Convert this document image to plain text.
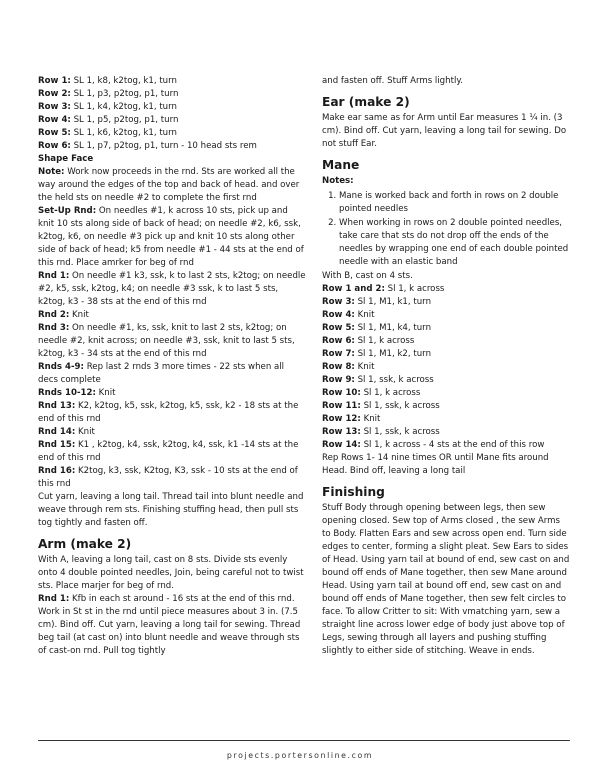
Row 1: SL 1, k8, k2tog, k1, turn
Row 2: SL 1, p3, p2tog, p1, turn
Row 3: SL 1, k4, k2tog, k1, turn
Row 4: SL 1, p5, p2tog, p1, turn
Row 5: SL 1, k6, k2tog, k1, turn
Row 6: SL 1, p7, p2tog, p1, turn - 10 head sts rem
Shape Face
Note: Work now proceeds in the rnd. Sts are worked all the way around the edges of the top and back of head. and over the held sts on needle #2 to complete the first rnd
Set-Up Rnd: On needles #1, k across 10 sts, pick up and knit 10 sts along side of back of head; on needle #2, k6, ssk, k2tog, k6, on needle #3 pick up and knit 10 sts along other side of back of head; k5 from needle #1 - 44 sts at the end of this rnd. Place amrker for beg of rnd
Rnd 1: On needle #1 k3, ssk, k to last 2 sts, k2tog; on needle #2, k5, ssk, k2tog, k4; on needle #3 ssk, k to last 5 sts, k2tog, k3 - 38 sts at the end of this rnd
Rnd 2: Knit
Rnd 3: On needle #1, ks, ssk, knit to last 2 sts, k2tog; on needle #2, knit across; on needle #3, ssk, knit to last 5 sts, k2tog, k3 - 34 sts at the end of this rnd
Rnds 4-9: Rep last 2 rnds 3 more times - 22 sts when all decs complete
Rnds 10-12: Knit
Rnd 13: K2, k2tog, k5, ssk, k2tog, k5, ssk, k2 - 18 sts at the end of this rnd
Rnd 14: Knit
Rnd 15: K1 , k2tog, k4, ssk, k2tog, k4, ssk, k1 -14 sts at the end of this rnd
Rnd 16: K2tog, k3, ssk, K2tog, K3, ssk - 10 sts at the end of this rnd
Cut yarn, leaving a long tail. Thread tail into blunt needle and weave through rem sts. Finishing stuffing head, then pull sts tog tightly and fasten off.
Arm (make 2)
With A, leaving a long tail, cast on 8 sts. Divide sts evenly onto 4 double pointed needles, Join, being careful not to twist sts. Place marjer for beg of rnd.
Rnd 1: Kfb in each st around - 16 sts at the end of this rnd. Work in St st in the rnd until piece measures about 3 in. (7.5 cm). Bind off. Cut yarn, leaving a long tail for sewing. Thread beg tail (at cast on) into blunt needle and weave through sts of cast-on rnd. Pull tog tightly
and fasten off. Stuff Arms lightly.
Ear (make 2)
Make ear same as for Arm until Ear measures 1 ¼ in. (3 cm). Bind off. Cut yarn, leaving a long tail for sewing. Do not stuff Ear.
Mane
Notes:
1. Mane is worked back and forth in rows on 2 double pointed needles
2. When working in rows on 2 double pointed needles, take care that sts do not drop off the ends of the needles by wrapping one end of each double pointed needle with an elastic band
With B, cast on 4 sts.
Row 1 and 2: Sl 1, k across
Row 3: Sl 1, M1, k1, turn
Row 4: Knit
Row 5: Sl 1, M1, k4, turn
Row 6: Sl 1, k across
Row 7: Sl 1, M1, k2, turn
Row 8: Knit
Row 9: Sl 1, ssk, k across
Row 10: Sl 1, k across
Row 11: Sl 1, ssk, k across
Row 12: Knit
Row 13: Sl 1, ssk, k across
Row 14: Sl 1, k across - 4 sts at the end of this row
Rep Rows 1- 14 nine times OR until Mane fits around Head. Bind off, leaving a long tail
Finishing
Stuff Body through opening between legs, then sew opening closed. Sew top of Arms closed , the sew Arms to Body. Flatten Ears and sew across open end. Turn side edges to center, forming a slight pleat. Sew Ears to sides of Head. Using yarn tail at bound of end, sew cast on and bound off ends of Mane together, then sew Mane around Head. Using yarn tail at bound off end, sew cast on and bound off ends of Mane together, then sew felt circles to face. To allow Critter to sit: With vmatching yarn, sew a straight line across lower edge of body just above top of Legs, sewing through all layers and pushing stuffing slightly to either side of stitching. Weave in ends.
projects.portersonline.com
